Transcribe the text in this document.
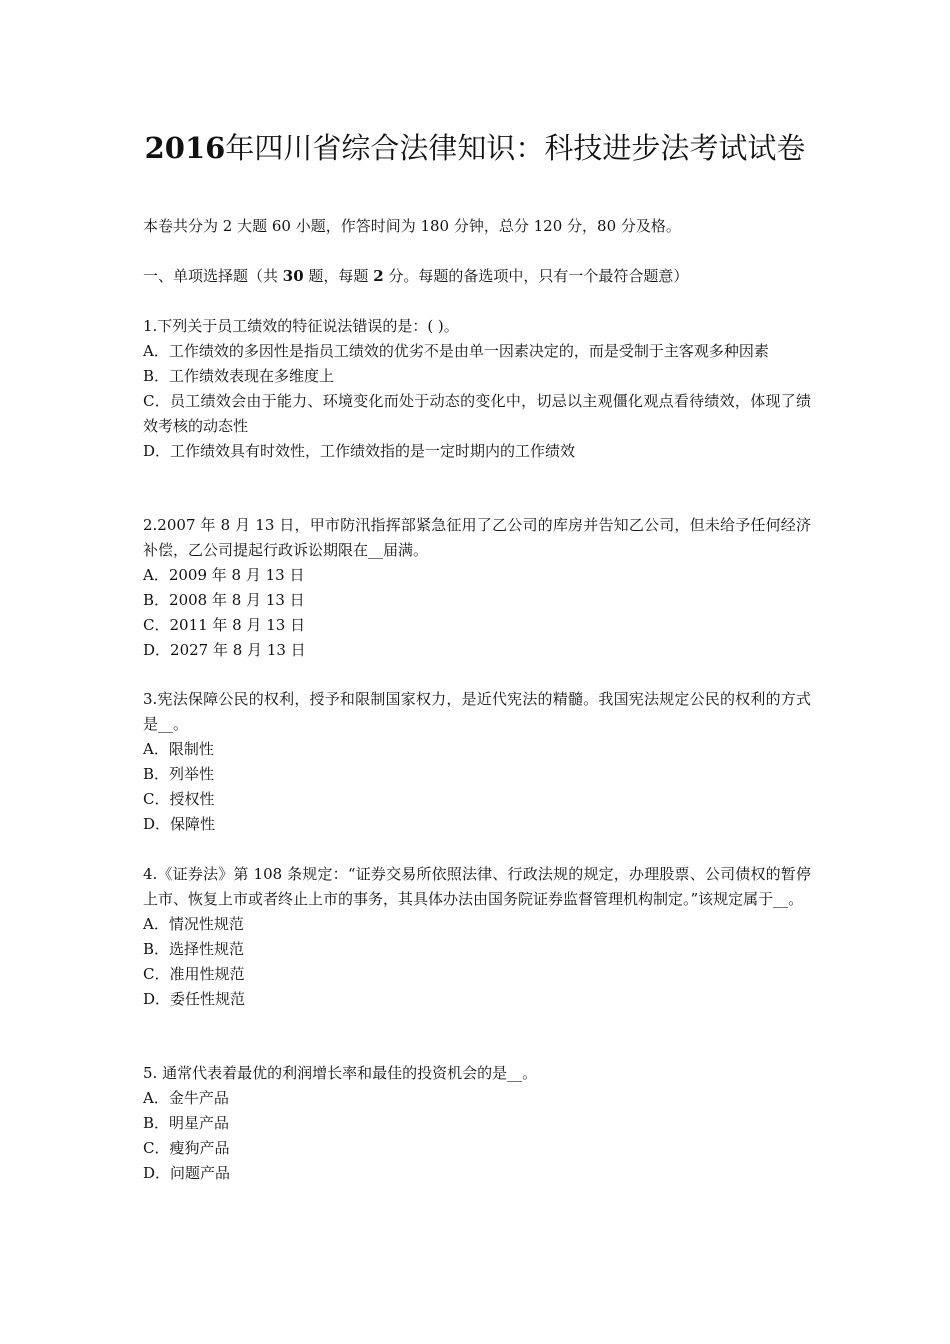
2016年四川省综合法律知识：科技进步法考试试卷
本卷共分为 2 大题 60 小题，作答时间为 180 分钟，总分 120 分，80 分及格。
一、单项选择题（共 30 题，每题 2 分。每题的备选项中，只有一个最符合题意）
1.下列关于员工绩效的特征说法错误的是：( )。
A．工作绩效的多因性是指员工绩效的优劣不是由单一因素决定的，而是受制于主客观多种因素
B．工作绩效表现在多维度上
C．员工绩效会由于能力、环境变化而处于动态的变化中，切忌以主观僵化观点看待绩效，体现了绩效考核的动态性
D．工作绩效具有时效性，工作绩效指的是一定时期内的工作绩效
2.2007 年 8 月 13 日，甲市防汛指挥部紧急征用了乙公司的库房并告知乙公司，但未给予任何经济补偿，乙公司提起行政诉讼期限在__届满。
A．2009 年 8 月 13 日
B．2008 年 8 月 13 日
C．2011 年 8 月 13 日
D．2027 年 8 月 13 日
3.宪法保障公民的权利，授予和限制国家权力，是近代宪法的精髓。我国宪法规定公民的权利的方式是__。
A．限制性
B．列举性
C．授权性
D．保障性
4.《证券法》第 108 条规定：“证券交易所依照法律、行政法规的规定，办理股票、公司债权的暂停上市、恢复上市或者终止上市的事务，其具体办法由国务院证券监督管理机构制定。”该规定属于__。
A．情况性规范
B．选择性规范
C．准用性规范
D．委任性规范
5. 通常代表着最优的利润增长率和最佳的投资机会的是__。
A．金牛产品
B．明星产品
C．瘦狗产品
D．问题产品
